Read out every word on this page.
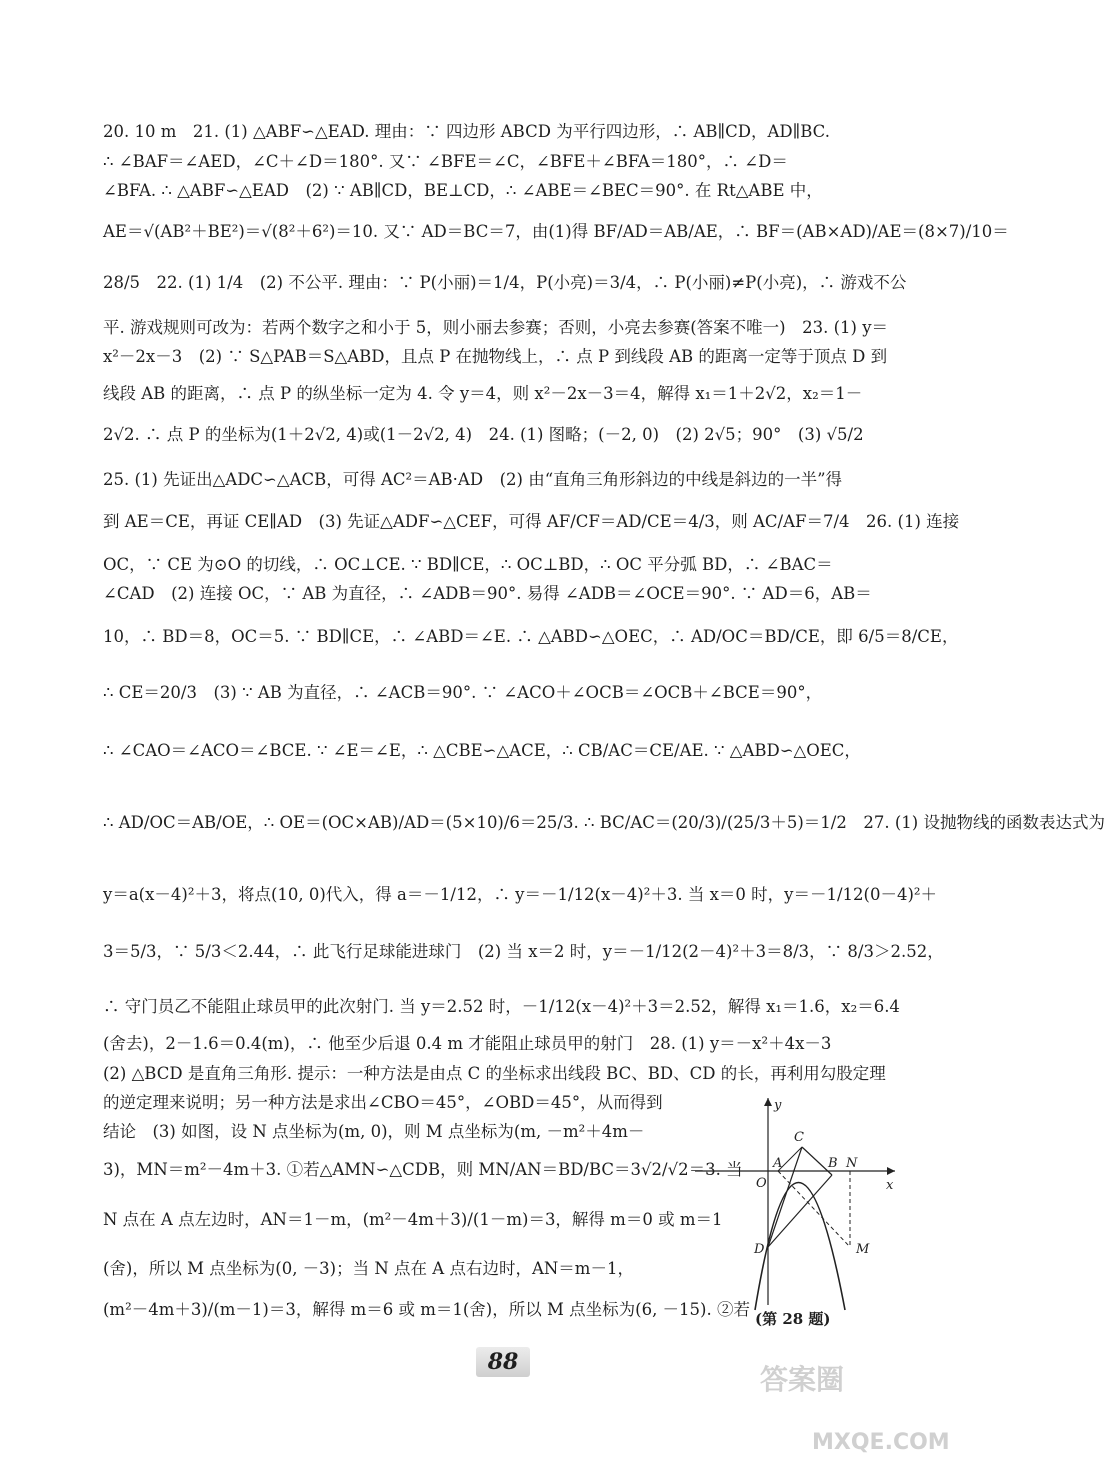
20. 10 m　21. (1) △ABF∽△EAD. 理由：∵ 四边形 ABCD 为平行四边形，∴ AB∥CD，AD∥BC.
∴ ∠BAF＝∠AED，∠C＋∠D＝180°. 又∵ ∠BFE＝∠C，∠BFE＋∠BFA＝180°，∴ ∠D＝
∠BFA. ∴ △ABF∽△EAD　(2) ∵ AB∥CD，BE⊥CD，∴ ∠ABE＝∠BEC＝90°. 在 Rt△ABE 中，
AE＝√(AB²＋BE²)＝√(8²＋6²)＝10. 又∵ AD＝BC＝7，由(1)得 BF/AD＝AB/AE，∴ BF＝(AB×AD)/AE＝(8×7)/10＝
28/5　22. (1) 1/4　(2) 不公平. 理由：∵ P(小丽)＝1/4，P(小亮)＝3/4，∴ P(小丽)≠P(小亮)，∴ 游戏不公
平. 游戏规则可改为：若两个数字之和小于 5，则小丽去参赛；否则，小亮去参赛(答案不唯一)　23. (1) y＝
x²－2x－3　(2) ∵ S△PAB＝S△ABD，且点 P 在抛物线上，∴ 点 P 到线段 AB 的距离一定等于顶点 D 到
线段 AB 的距离，∴ 点 P 的纵坐标一定为 4. 令 y＝4，则 x²－2x－3＝4，解得 x₁＝1＋2√2，x₂＝1－
2√2. ∴ 点 P 的坐标为(1＋2√2, 4)或(1－2√2, 4)　24. (1) 图略；(－2, 0)　(2) 2√5；90°　(3) √5/2
25. (1) 先证出△ADC∽△ACB，可得 AC²＝AB·AD　(2) 由“直角三角形斜边的中线是斜边的一半”得
到 AE＝CE，再证 CE∥AD　(3) 先证△ADF∽△CEF，可得 AF/CF＝AD/CE＝4/3，则 AC/AF＝7/4　26. (1) 连接
OC，∵ CE 为⊙O 的切线，∴ OC⊥CE. ∵ BD∥CE，∴ OC⊥BD，∴ OC 平分弧 BD，∴ ∠BAC＝
∠CAD　(2) 连接 OC，∵ AB 为直径，∴ ∠ADB＝90°. 易得 ∠ADB＝∠OCE＝90°. ∵ AD＝6，AB＝
10，∴ BD＝8，OC＝5. ∵ BD∥CE，∴ ∠ABD＝∠E. ∴ △ABD∽△OEC，∴ AD/OC＝BD/CE，即 6/5＝8/CE，
∴ CE＝20/3　(3) ∵ AB 为直径，∴ ∠ACB＝90°. ∵ ∠ACO＋∠OCB＝∠OCB＋∠BCE＝90°，
∴ ∠CAO＝∠ACO＝∠BCE. ∵ ∠E＝∠E，∴ △CBE∽△ACE，∴ CB/AC＝CE/AE. ∵ △ABD∽△OEC，
∴ AD/OC＝AB/OE，∴ OE＝(OC×AB)/AD＝(5×10)/6＝25/3. ∴ BC/AC＝(20/3)/(25/3＋5)＝1/2　27. (1) 设抛物线的函数表达式为
y＝a(x－4)²＋3，将点(10, 0)代入，得 a＝－1/12，∴ y＝－1/12(x－4)²＋3. 当 x＝0 时，y＝－1/12(0－4)²＋
3＝5/3，∵ 5/3＜2.44，∴ 此飞行足球能进球门　(2) 当 x＝2 时，y＝－1/12(2－4)²＋3＝8/3，∵ 8/3＞2.52，
∴ 守门员乙不能阻止球员甲的此次射门. 当 y＝2.52 时，－1/12(x－4)²＋3＝2.52，解得 x₁＝1.6，x₂＝6.4
(舍去)，2－1.6＝0.4(m)，∴ 他至少后退 0.4 m 才能阻止球员甲的射门　28. (1) y＝－x²＋4x－3
(2) △BCD 是直角三角形. 提示：一种方法是由点 C 的坐标求出线段 BC、BD、CD 的长，再利用勾股定理
的逆定理来说明；另一种方法是求出∠CBO＝45°，∠OBD＝45°，从而得到
结论　(3) 如图，设 N 点坐标为(m, 0)，则 M 点坐标为(m, －m²＋4m－
3)，MN＝m²－4m＋3. ①若△AMN∽△CDB，则 MN/AN＝BD/BC＝3√2/√2＝3. 当
N 点在 A 点左边时，AN＝1－m，(m²－4m＋3)/(1－m)＝3，解得 m＝0 或 m＝1
(舍)，所以 M 点坐标为(0, －3)；当 N 点在 A 点右边时，AN＝m－1，
(m²－4m＋3)/(m－1)＝3，解得 m＝6 或 m＝1(舍)，所以 M 点坐标为(6, －15). ②若
y
x
O
A	B N
C
D	M
(第 28 题)
88
答案圈
MXQE.COM
